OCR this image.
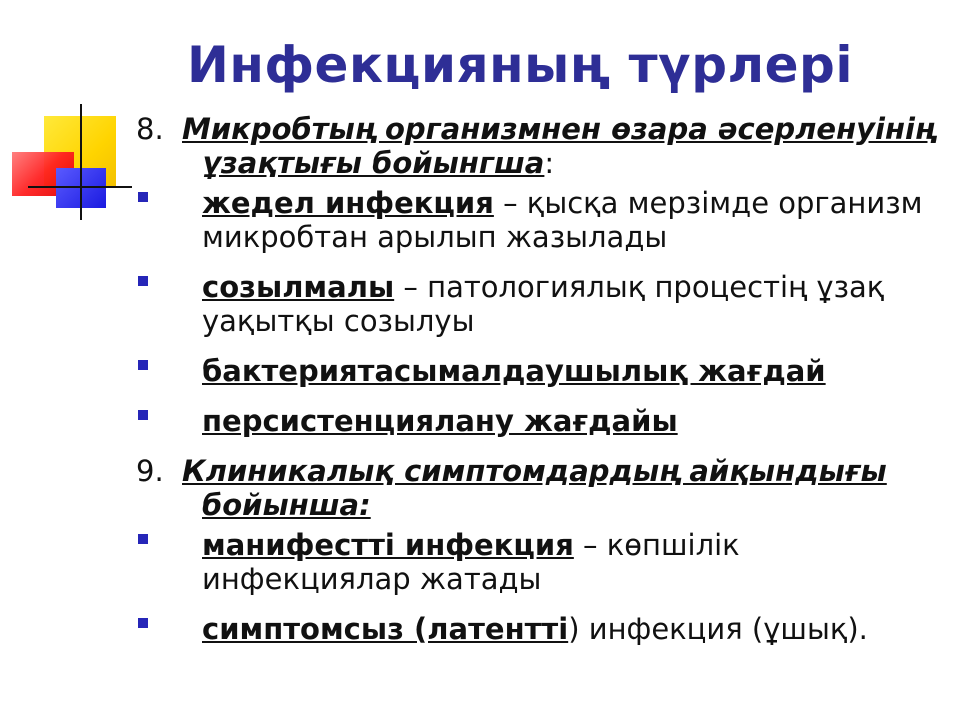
Инфекцияның түрлері
8. Микробтың организмнен өзара әсерленуінің ұзақтығы бойынгша:
жедел инфекция – қысқа мерзімде организм микробтан арылып жазылады
созылмалы – патологиялық процестің ұзақ уақытқы созылуы
бактериятасымалдаушылық жағдай
персистенциялану жағдайы
9. Клиникалық симптомдардың айқындығы бойынша:
манифестті инфекция – көпшілік инфекциялар жатады
симптомсыз (латентті) инфекция (ұшық).
